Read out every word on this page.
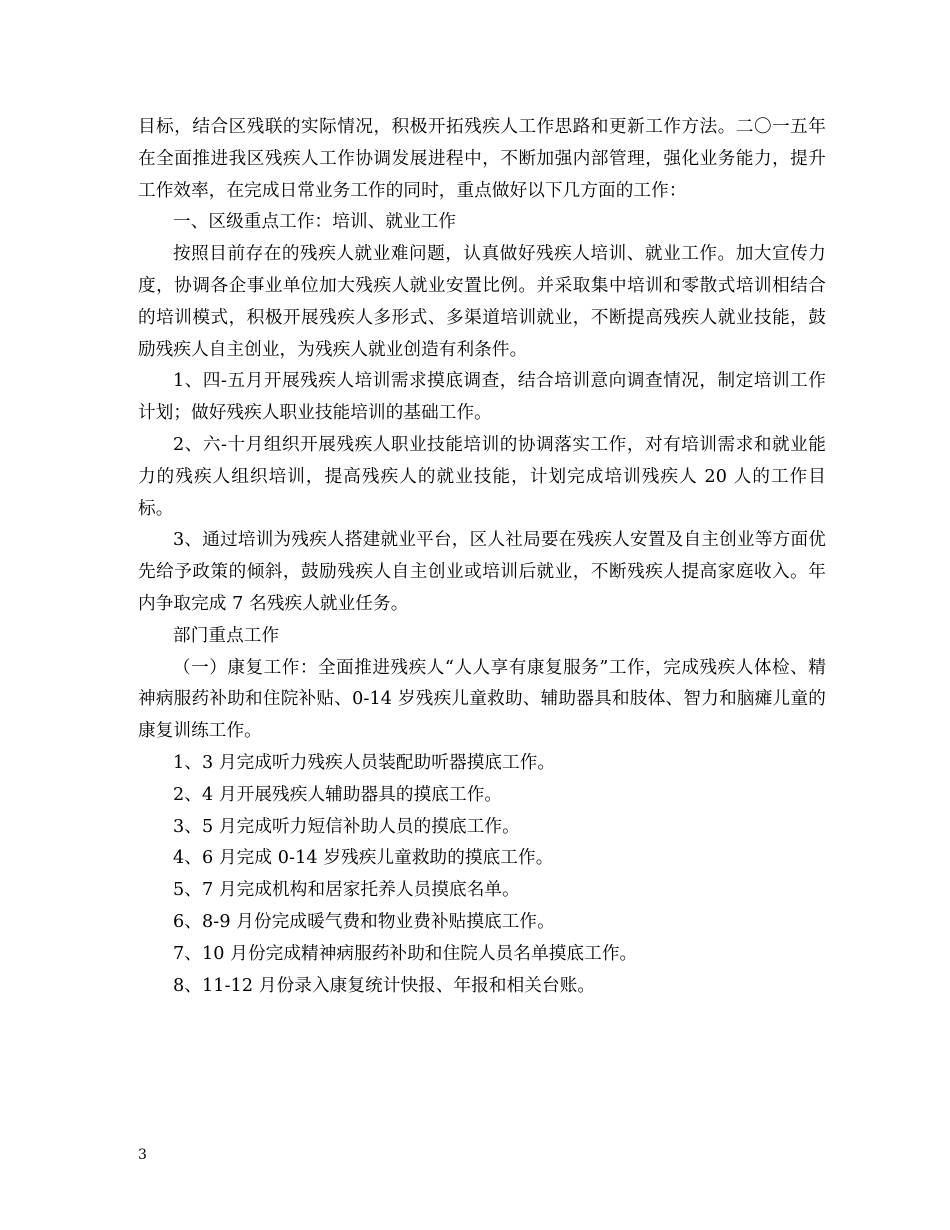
目标，结合区残联的实际情况，积极开拓残疾人工作思路和更新工作方法。二〇一五年在全面推进我区残疾人工作协调发展进程中，不断加强内部管理，强化业务能力，提升工作效率，在完成日常业务工作的同时，重点做好以下几方面的工作：

一、区级重点工作：培训、就业工作

按照目前存在的残疾人就业难问题，认真做好残疾人培训、就业工作。加大宣传力度，协调各企事业单位加大残疾人就业安置比例。并采取集中培训和零散式培训相结合的培训模式，积极开展残疾人多形式、多渠道培训就业，不断提高残疾人就业技能，鼓励残疾人自主创业，为残疾人就业创造有利条件。

1、四-五月开展残疾人培训需求摸底调查，结合培训意向调查情况，制定培训工作计划；做好残疾人职业技能培训的基础工作。

2、六-十月组织开展残疾人职业技能培训的协调落实工作，对有培训需求和就业能力的残疾人组织培训，提高残疾人的就业技能，计划完成培训残疾人 20 人的工作目标。

3、通过培训为残疾人搭建就业平台，区人社局要在残疾人安置及自主创业等方面优先给予政策的倾斜，鼓励残疾人自主创业或培训后就业，不断残疾人提高家庭收入。年内争取完成 7 名残疾人就业任务。

部门重点工作

（一）康复工作：全面推进残疾人“人人享有康复服务”工作，完成残疾人体检、精神病服药补助和住院补贴、0-14 岁残疾儿童救助、辅助器具和肢体、智力和脑瘫儿童的康复训练工作。

1、3 月完成听力残疾人员装配助听器摸底工作。

2、4 月开展残疾人辅助器具的摸底工作。

3、5 月完成听力短信补助人员的摸底工作。

4、6 月完成 0-14 岁残疾儿童救助的摸底工作。

5、7 月完成机构和居家托养人员摸底名单。

6、8-9 月份完成暖气费和物业费补贴摸底工作。

7、10 月份完成精神病服药补助和住院人员名单摸底工作。

8、11-12 月份录入康复统计快报、年报和相关台账。

3
